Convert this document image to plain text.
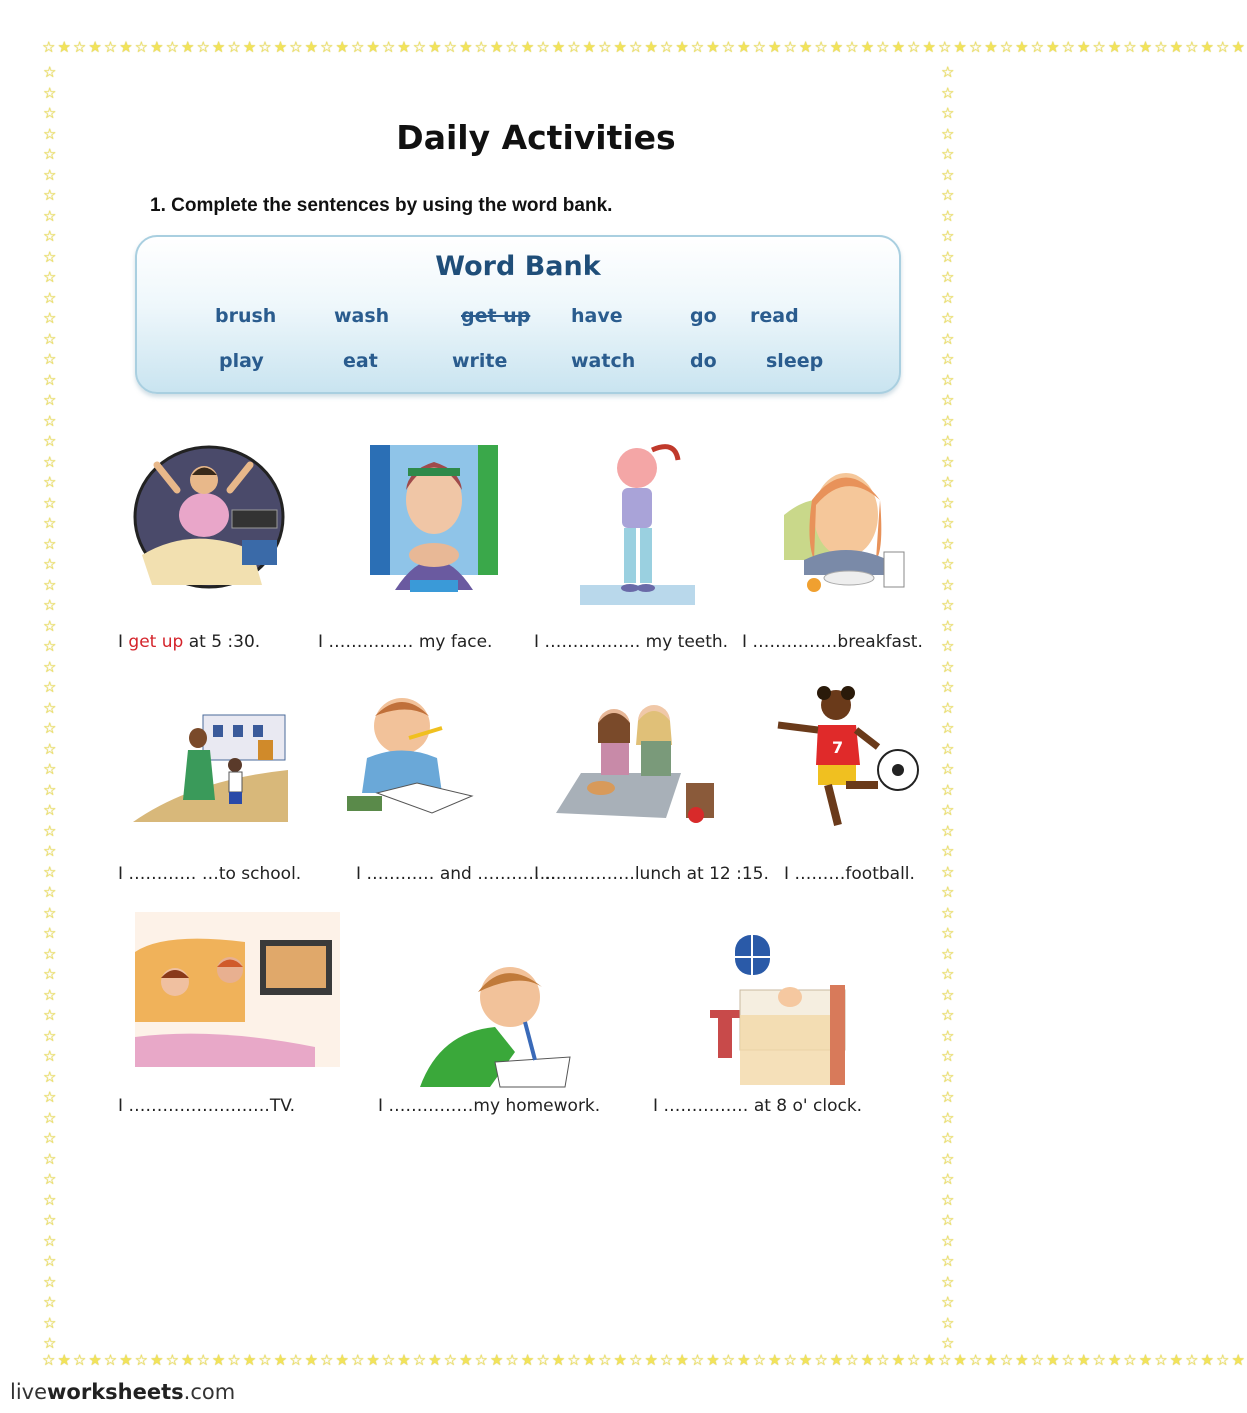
☆★☆★☆★☆★☆★☆★☆★☆★☆★☆★☆★☆★☆★☆★☆★☆★☆★☆★☆★☆★☆★☆★☆★☆★☆★☆★☆★☆★☆★☆★☆★☆★☆★☆★☆★☆★☆★☆★☆★
☆★☆★☆★☆★☆★☆★☆★☆★☆★☆★☆★☆★☆★☆★☆★☆★☆★☆★☆★☆★☆★☆★☆★☆★☆★☆★☆★☆★☆★☆★☆★☆★☆★☆★☆★☆★☆★☆★☆★
☆☆☆☆☆☆☆☆☆☆☆☆☆☆☆☆☆☆☆☆☆☆☆☆☆☆☆☆☆☆☆☆☆☆☆☆☆☆☆☆☆☆☆☆☆☆☆☆☆☆☆☆☆☆☆☆☆☆☆☆☆☆☆
☆☆☆☆☆☆☆☆☆☆☆☆☆☆☆☆☆☆☆☆☆☆☆☆☆☆☆☆☆☆☆☆☆☆☆☆☆☆☆☆☆☆☆☆☆☆☆☆☆☆☆☆☆☆☆☆☆☆☆☆☆☆☆
Daily Activities
1. Complete the sentences by using the word bank.
Word Bank
brush	wash	get up have	go read
play	eat	write	watch	do	sleep
I get up at 5 :30.	I …………… my face. I …………….. my teeth. I ……………breakfast.
7
I ………… …to school.	I ………… and …………..
I …………….lunch at 12 :15. I ………football.
I …………………….TV.	I ……………my homework.	I …………… at 8 o' clock.
liveworksheets.com
